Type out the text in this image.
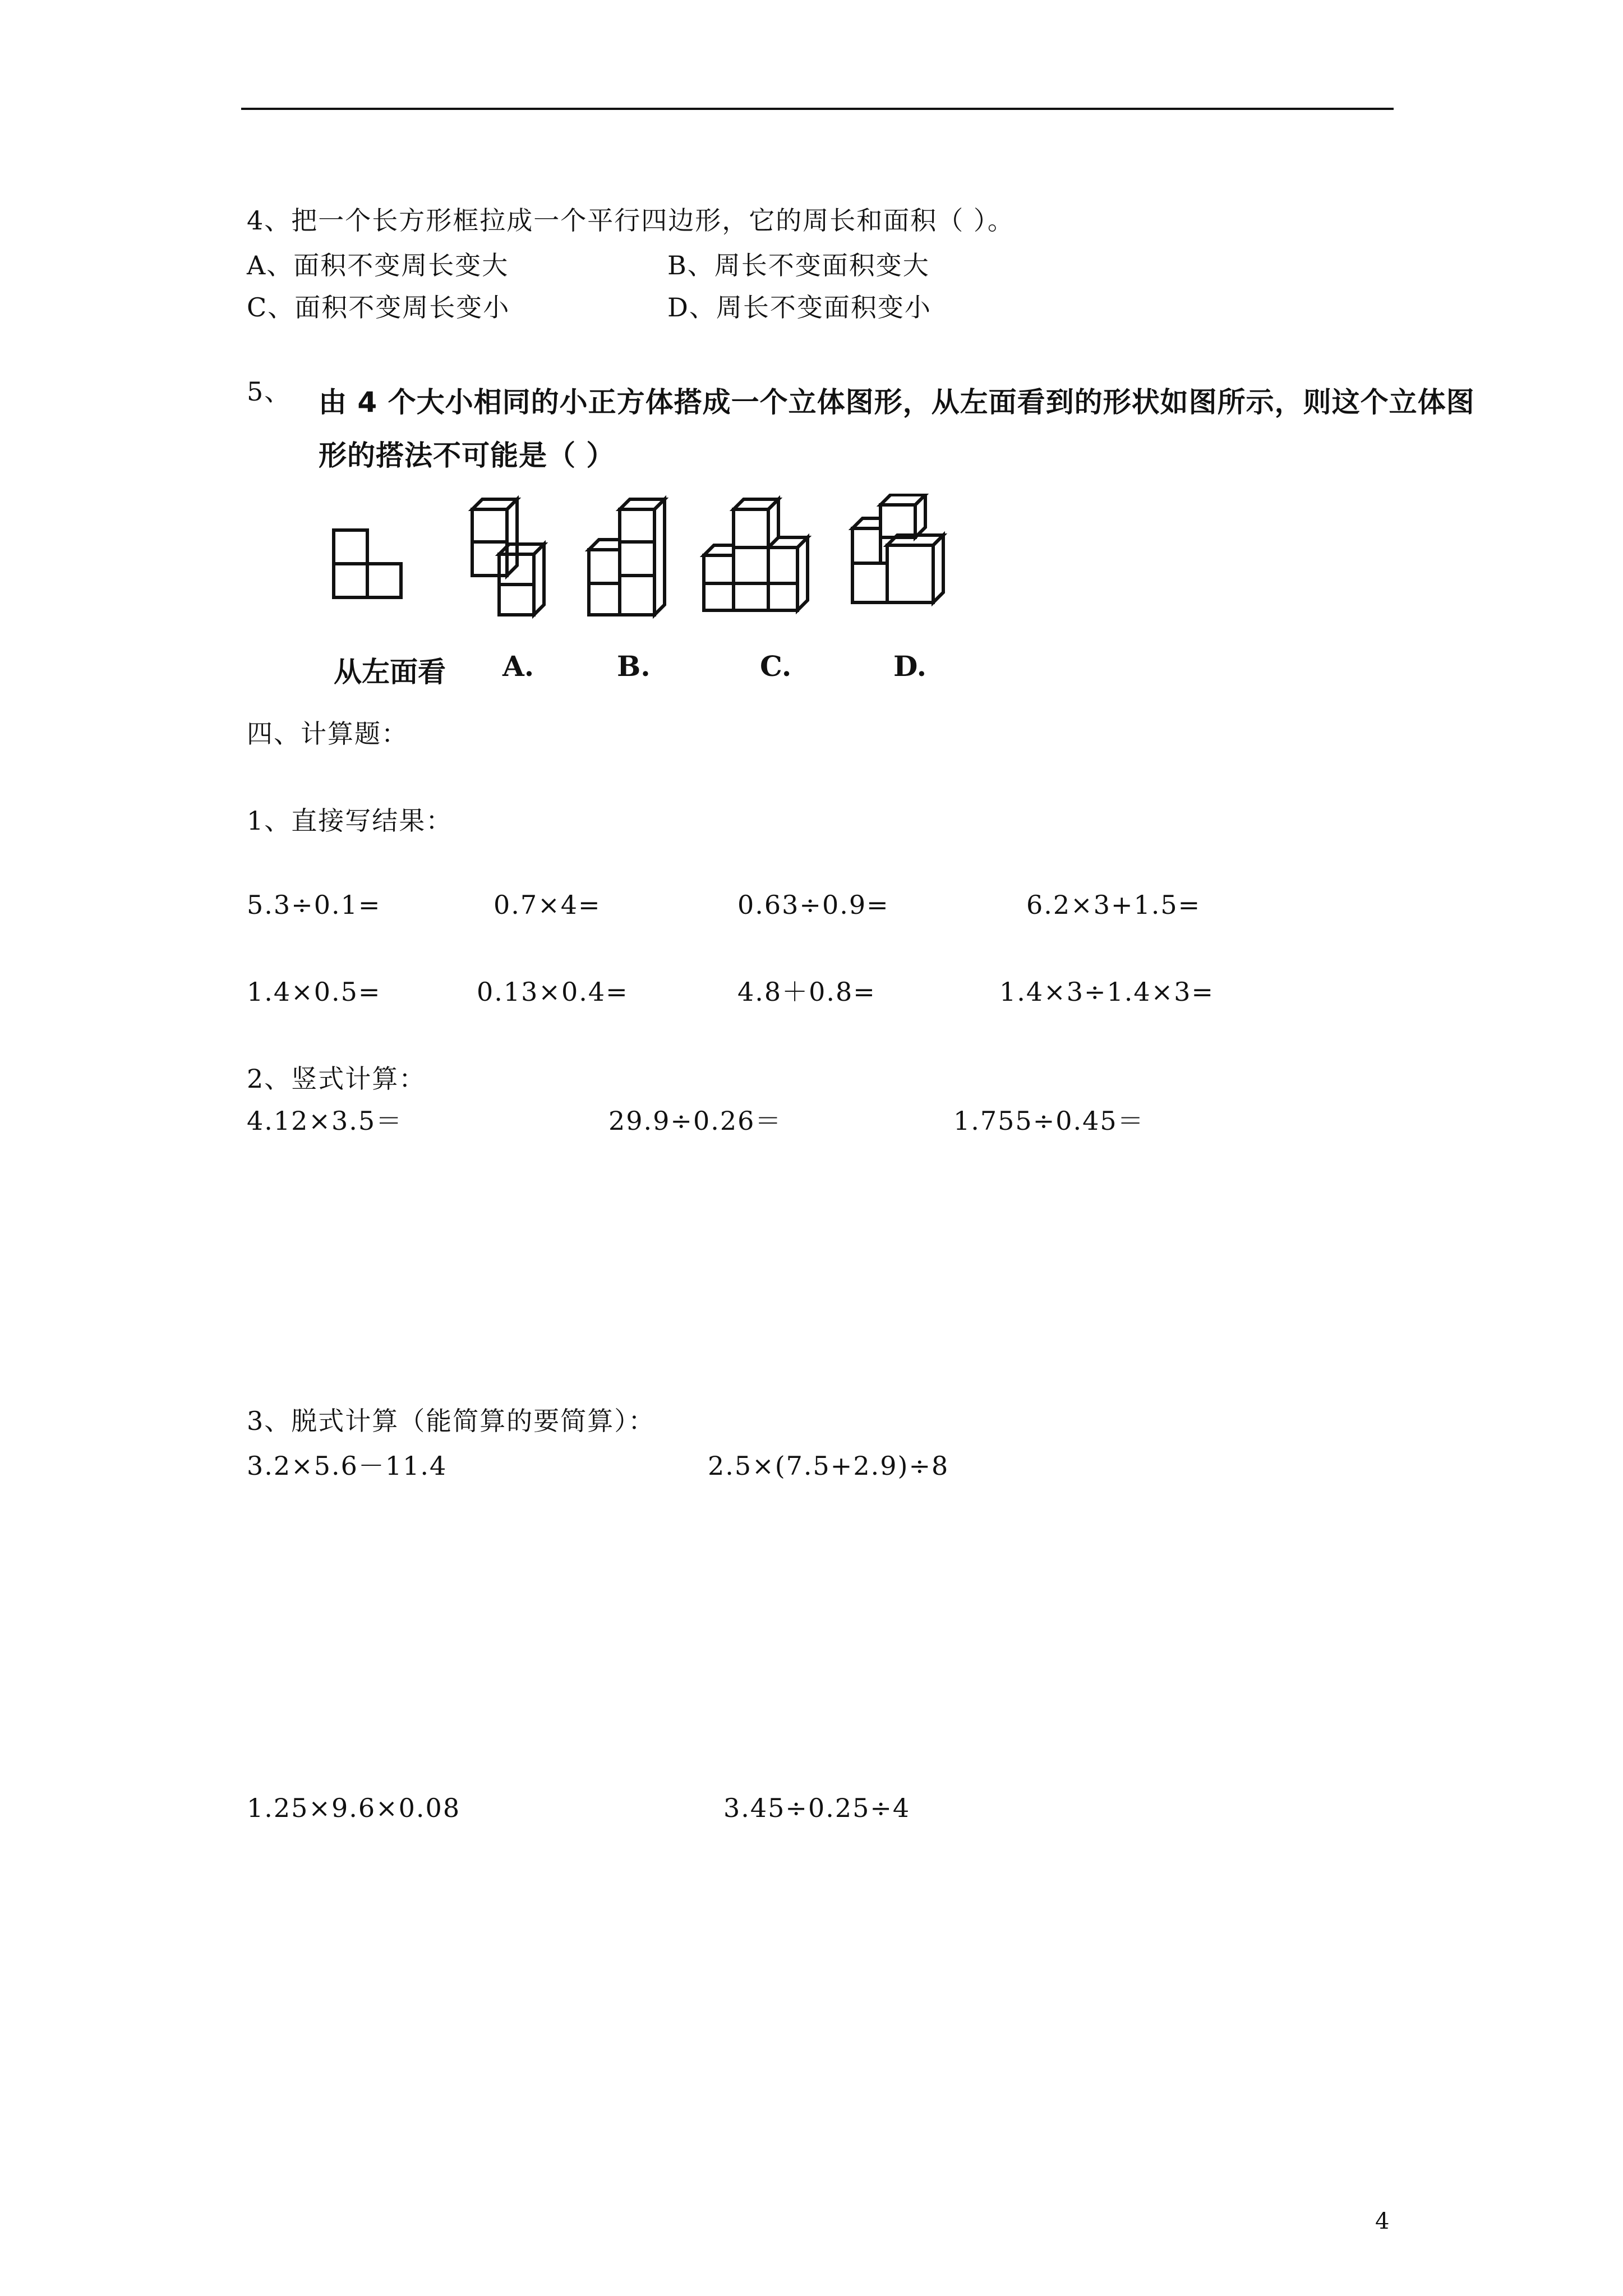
4、把一个长方形框拉成一个平行四边形，它的周长和面积（ ）。
A、面积不变周长变大	B、周长不变面积变大
C、面积不变周长变小	D、周长不变面积变小
5、 由 4 个大小相同的小正方体搭成一个立体图形，从左面看到的形状如图所示，则这个立体图
形的搭法不可能是（ ）
从左面看 A.	B.	C.	D.
四、计算题：
1、直接写结果：
5.3÷0.1=	0.7×4=	0.63÷0.9=	6.2×3+1.5=
1.4×0.5=	0.13×0.4=	4.8＋0.8=	1.4×3÷1.4×3=
2、竖式计算：
4.12×3.5＝	29.9÷0.26＝	1.755÷0.45＝
3、脱式计算（能简算的要简算）：
3.2×5.6－11.4	2.5×(7.5+2.9)÷8
1.25×9.6×0.08	3.45÷0.25÷4
4
